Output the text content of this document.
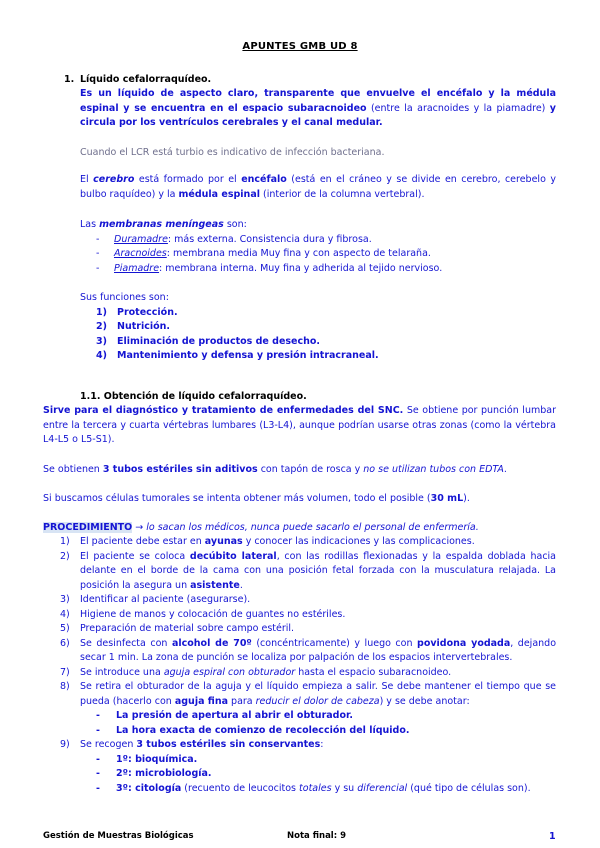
APUNTES GMB UD 8

1. Líquido cefalorraquídeo.

Es un líquido de aspecto claro, transparente que envuelve el encéfalo y la médula espinal y se encuentra en el espacio subaracnoideo (entre la aracnoides y la piamadre) y circula por los ventrículos cerebrales y el canal medular.

Cuando el LCR está turbio es indicativo de infección bacteriana.

El cerebro está formado por el encéfalo (está en el cráneo y se divide en cerebro, cerebelo y bulbo raquídeo) y la médula espinal (interior de la columna vertebral).

Las membranas meníngeas son:

-	Duramadre: más externa. Consistencia dura y fibrosa.
-	Aracnoides: membrana media Muy fina y con aspecto de telaraña.
-	Piamadre: membrana interna. Muy fina y adherida al tejido nervioso.

Sus funciones son:

1)	Protección.
2)	Nutrición.
3)	Eliminación de productos de desecho.
4)	Mantenimiento y defensa y presión intracraneal.

1.1. Obtención de líquido cefalorraquídeo.

Sirve para el diagnóstico y tratamiento de enfermedades del SNC. Se obtiene por punción lumbar entre la tercera y cuarta vértebras lumbares (L3-L4), aunque podrían usarse otras zonas (como la vértebra L4-L5 o L5-S1).

Se obtienen 3 tubos estériles sin aditivos con tapón de rosca y no se utilizan tubos con EDTA.

Si buscamos células tumorales se intenta obtener más volumen, todo el posible (30 mL).

PROCEDIMIENTO → lo sacan los médicos, nunca puede sacarlo el personal de enfermería.

1)	El paciente debe estar en ayunas y conocer las indicaciones y las complicaciones.
2)	El paciente se coloca decúbito lateral, con las rodillas flexionadas y la espalda doblada hacia delante en el borde de la cama con una posición fetal forzada con la musculatura relajada. La posición la asegura un asistente.
3)	Identificar al paciente (asegurarse).
4)	Higiene de manos y colocación de guantes no estériles.
5)	Preparación de material sobre campo estéril.
6)	Se desinfecta con alcohol de 70º (concéntricamente) y luego con povidona yodada, dejando secar 1 min. La zona de punción se localiza por palpación de los espacios intervertebrales.
7)	Se introduce una aguja espiral con obturador hasta el espacio subaracnoideo.
8)	Se retira el obturador de la aguja y el líquido empieza a salir. Se debe mantener el tiempo que se pueda (hacerlo con aguja fina para reducir el dolor de cabeza) y se debe anotar:
-	La presión de apertura al abrir el obturador.
-	La hora exacta de comienzo de recolección del líquido.
9)	Se recogen 3 tubos estériles sin conservantes:
-	1º: bioquímica.
-	2º: microbiología.
-	3º: citología (recuento de leucocitos totales y su diferencial (qué tipo de células son).
Gestión de Muestras Biológicas	Nota final: 9	1
